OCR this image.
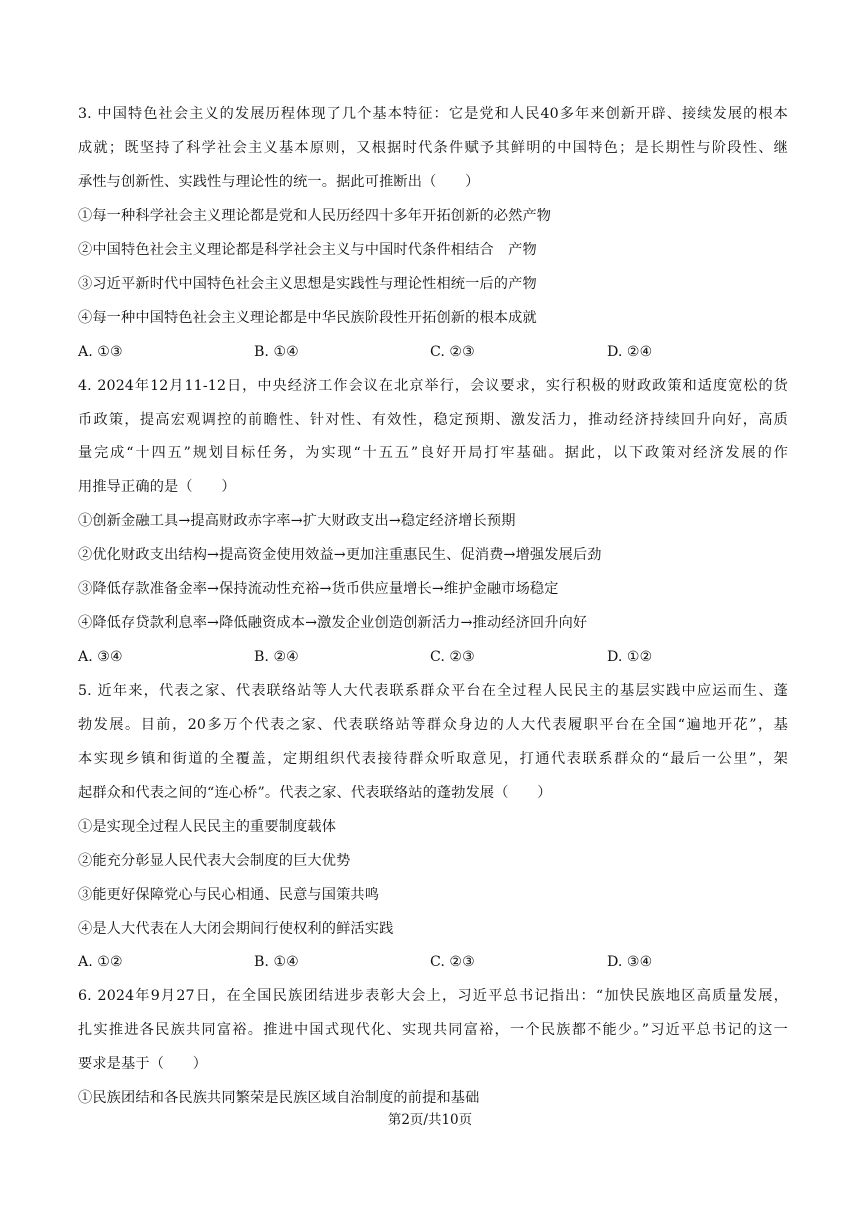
3. 中国特色社会主义的发展历程体现了几个基本特征：它是党和人民40多年来创新开辟、接续发展的根本
成就；既坚持了科学社会主义基本原则，又根据时代条件赋予其鲜明的中国特色；是长期性与阶段性、继
承性与创新性、实践性与理论性的统一。据此可推断出（　　）
①每一种科学社会主义理论都是党和人民历经四十多年开拓创新的必然产物
②中国特色社会主义理论都是科学社会主义与中国时代条件相结合　产物
③习近平新时代中国特色社会主义思想是实践性与理论性相统一后的产物
④每一种中国特色社会主义理论都是中华民族阶段性开拓创新的根本成就
A. ①③	B. ①④	C. ②③	D. ②④
4. 2024年12月11-12日，中央经济工作会议在北京举行，会议要求，实行积极的财政政策和适度宽松的货
币政策，提高宏观调控的前瞻性、针对性、有效性，稳定预期、激发活力，推动经济持续回升向好，高质
量完成“十四五”规划目标任务，为实现“十五五”良好开局打牢基础。据此，以下政策对经济发展的作
用推导正确的是（　　）
①创新金融工具→提高财政赤字率→扩大财政支出→稳定经济增长预期
②优化财政支出结构→提高资金使用效益→更加注重惠民生、促消费→增强发展后劲
③降低存款准备金率→保持流动性充裕→货币供应量增长→维护金融市场稳定
④降低存贷款利息率→降低融资成本→激发企业创造创新活力→推动经济回升向好
A. ③④	B. ②④	C. ②③	D. ①②
5. 近年来，代表之家、代表联络站等人大代表联系群众平台在全过程人民民主的基层实践中应运而生、蓬
勃发展。目前，20多万个代表之家、代表联络站等群众身边的人大代表履职平台在全国“遍地开花”，基
本实现乡镇和街道的全覆盖，定期组织代表接待群众听取意见，打通代表联系群众的“最后一公里”，架
起群众和代表之间的“连心桥”。代表之家、代表联络站的蓬勃发展（　　）
①是实现全过程人民民主的重要制度载体
②能充分彰显人民代表大会制度的巨大优势
③能更好保障党心与民心相通、民意与国策共鸣
④是人大代表在人大闭会期间行使权利的鲜活实践
A. ①②	B. ①④	C. ②③	D. ③④
6. 2024年9月27日，在全国民族团结进步表彰大会上，习近平总书记指出：“加快民族地区高质量发展，
扎实推进各民族共同富裕。推进中国式现代化、实现共同富裕，一个民族都不能少。”习近平总书记的这一
要求是基于（　　）
①民族团结和各民族共同繁荣是民族区域自治制度的前提和基础
第2页/共10页
